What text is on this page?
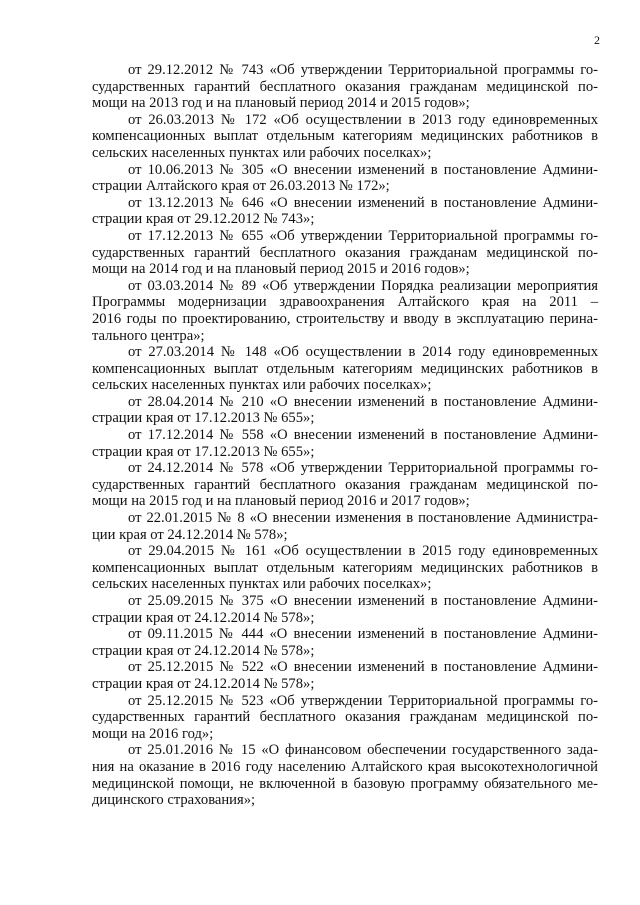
2

от 29.12.2012 № 743 «Об утверждении Территориальной программы го-
сударственных гарантий бесплатного оказания гражданам медицинской по-
мощи на 2013 год и на плановый период 2014 и 2015 годов»;

от 26.03.2013 № 172 «Об осуществлении в 2013 году единовременных
компенсационных выплат отдельным категориям медицинских работников в
сельских населенных пунктах или рабочих поселках»;

от 10.06.2013 № 305 «О внесении изменений в постановление Админи-
страции Алтайского края от 26.03.2013 № 172»;

от 13.12.2013 № 646 «О внесении изменений в постановление Админи-
страции края от 29.12.2012 № 743»;

от 17.12.2013 № 655 «Об утверждении Территориальной программы го-
сударственных гарантий бесплатного оказания гражданам медицинской по-
мощи на 2014 год и на плановый период 2015 и 2016 годов»;

от 03.03.2014 № 89 «Об утверждении Порядка реализации мероприятия
Программы модернизации здравоохранения Алтайского края на 2011 –
2016 годы по проектированию, строительству и вводу в эксплуатацию перина-
тального центра»;

от 27.03.2014 № 148 «Об осуществлении в 2014 году единовременных
компенсационных выплат отдельным категориям медицинских работников в
сельских населенных пунктах или рабочих поселках»;

от 28.04.2014 № 210 «О внесении изменений в постановление Админи-
страции края от 17.12.2013 № 655»;

от 17.12.2014 № 558 «О внесении изменений в постановление Админи-
страции края от 17.12.2013 № 655»;

от 24.12.2014 № 578 «Об утверждении Территориальной программы го-
сударственных гарантий бесплатного оказания гражданам медицинской по-
мощи на 2015 год и на плановый период 2016 и 2017 годов»;

от 22.01.2015 № 8 «О внесении изменения в постановление Администра-
ции края от 24.12.2014 № 578»;

от 29.04.2015 № 161 «Об осуществлении в 2015 году единовременных
компенсационных выплат отдельным категориям медицинских работников в
сельских населенных пунктах или рабочих поселках»;

от 25.09.2015 № 375 «О внесении изменений в постановление Админи-
страции края от 24.12.2014 № 578»;

от 09.11.2015 № 444 «О внесении изменений в постановление Админи-
страции края от 24.12.2014 № 578»;

от 25.12.2015 № 522 «О внесении изменений в постановление Админи-
страции края от 24.12.2014 № 578»;

от 25.12.2015 № 523 «Об утверждении Территориальной программы го-
сударственных гарантий бесплатного оказания гражданам медицинской по-
мощи на 2016 год»;

от 25.01.2016 № 15 «О финансовом обеспечении государственного зада-
ния на оказание в 2016 году населению Алтайского края высокотехнологичной
медицинской помощи, не включенной в базовую программу обязательного ме-
дицинского страхования»;
